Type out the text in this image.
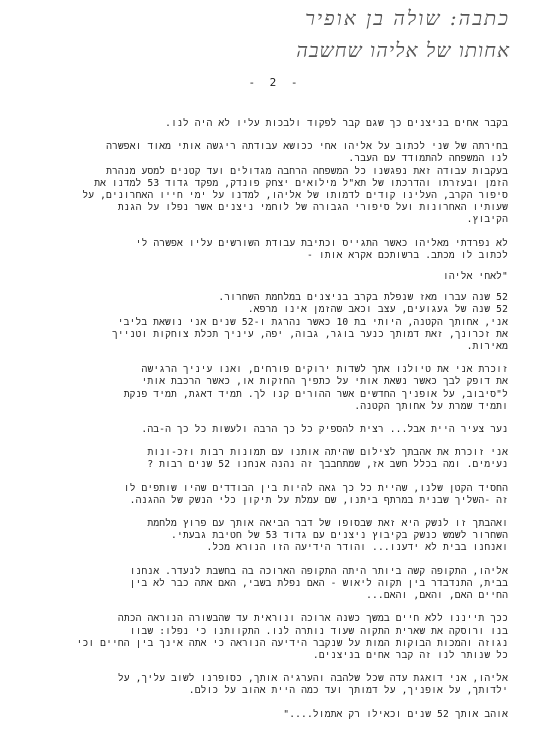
כתבה: שולה בן אופיר
אחותו של אליהו שחשבה
- 2 -

בקבר אחים בניצנים כך שגם קבר לפקוד ולבכות עליו לא היה לנו.

בחירתה של שני לכתוב על אליהו אחי ככושא עבודתה ריגשה אותי מאוד ואפשרה
לנו המשפחה להתמודד עם העבר.
בעקבות עבודה זאת נפגשנו כל המשפחה הרחבה מגדולים ועד קטנים למסע מנהרת
הזמן ובעזרתו והדרכתו של תא"ל מילואים יצחק פונדק, מפקד גדוד 53 למדנו את
סיפור הקרב, העלינו קודים לדמותו של אליהו, למדנו על ימי חייו האחרונים, על
שעותיו האחרונות ועל סיפורי הגבורה של לוחמי ניצנים אשר נפלו על הגנת
הקיבוץ.

לא נפרדתי מאליהו כאשר התגייס וכתיבת עבודת השורשים עליו אפשרה לי
לכתוב לו מכתב. ברשותכם אקרא אותו -

"לאחי אליהו

52 שנה עברו מאז שנפלת בקרב בניצנים במלחמת השחרור.
52 שנה של געגועים, עצב וכאב שהזמן אינו מרפא.
אני, אחותך הקטנה, היותי בת 10 כאשר נהרגת ו-52 שנים אני נושאת בליבי
את זכרונך, זאת דמותך כנער בוגר, גבוה, יפה, עיניך תכלת צוחקות וטנייך
מאירות.

זוכרת אני את טיולנו אתך לשדות ירוקים פורחים, ואנו עיניך הרגישה
את דופק לבך כאשר נשאת אותי על כתפיך החזקות או, כאשר הרכבת אותי
ל"סיבוב, על אופניך החדשים אשר ההורים קנו לך. תמיד דאגת, תמיד פנקת
ותמיד שמרת על אחותך הקטנה.

נער צעיר היית אבל... רצית להספיק כל כך הרבה ולעשות כל כך ה-בה.

אני זוכרת את אהבתך לצילום שהיתה אותנו עם תמונות רבות וזכ-ונות
נעימים. ומה בכלל חשב אז, שמתחבבך זה נהנה אנחנו 52 שנים רבות ?

החסיד הקטן שלנו, שהיית כל כך גאה להיות בין הבודדים שהיו שותפים לו
זה -השליך שבנית במרתף ביתנו, שם עמלת על תיקון כלי הנשק של ההגנה.

ואהבתך זו לנשק היא זאת שבסופו של דבר הביאה אותך עם פרוץ מלחמת
השחרור לשמש כנשק בקיבוץ ניצנים עם גדוד 53 של חטיבת גבעתי.
ואנחנו בבית לא ידענו... והודר הידיעה הזו הנורא מכל.

אליהו, התקופה קשה ביותר היתה התקופה הארוכה בה בחשבת לנעדר. אנחנו
בבית, התנדבדר בין תקוה ליאוש - האם נפלת בשבי, האם אתה כבר לא בין
החיים האם, והאם, והאם...

ככך תייננו ללא חיים במשך כשנה ארוכה ונוראית עד שהבשורה הנוראה הכתה
בנו ורוסקה את שארית התקוה שעוד נותרה לנו. התקוותנו כי נפלו: שבוו
נגוזה והמכות הבוקות המות על שנקבר הידיעה הנוראה כי אתה אינך בין החיים וכי
כל שנותר לנו זה קבר אחים בניצנים.

אליהו, אני דואגת עדה שכל שלהבה והערגיה אותך, כסופרנו לשוב עליך, על
ילדותך, על אופניך, על דמותך ועד כמה היית אהוב על כולם.

אוהב אותך 52 שנים וכאילו רק אתמול...."
